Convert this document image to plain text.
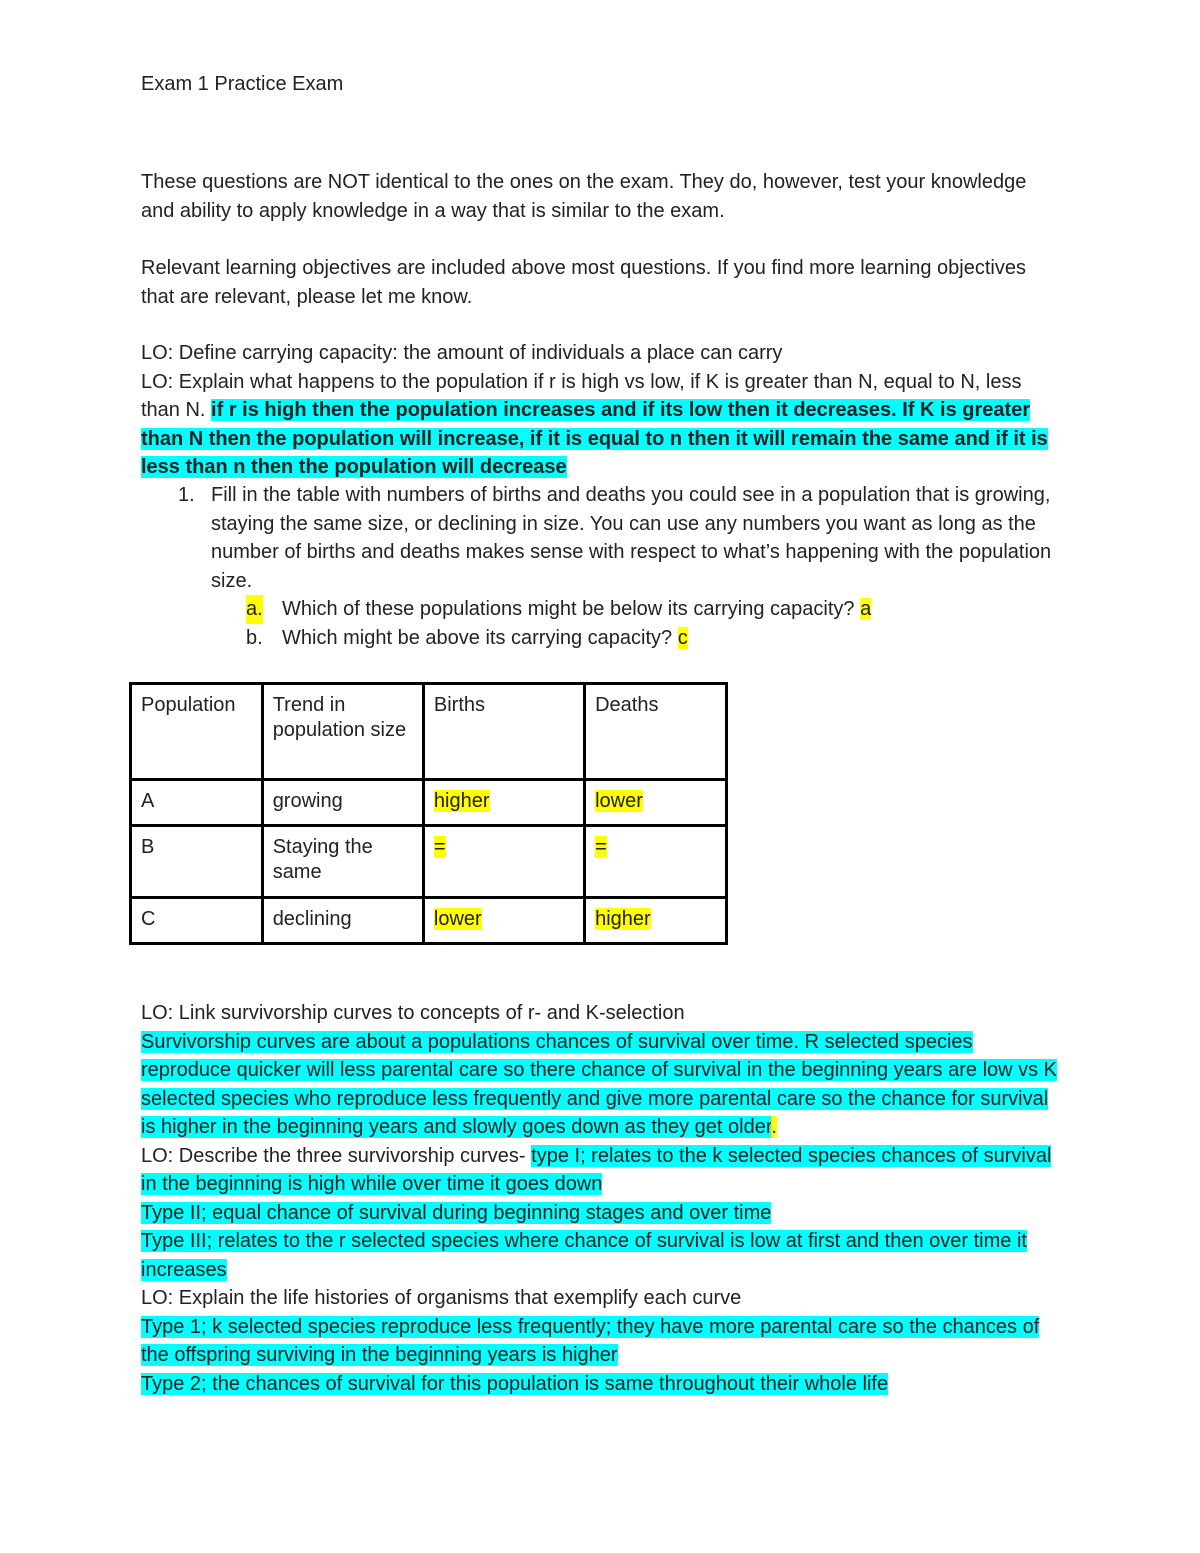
Exam 1 Practice Exam

These questions are NOT identical to the ones on the exam. They do, however, test your knowledge and ability to apply knowledge in a way that is similar to the exam.

Relevant learning objectives are included above most questions. If you find more learning objectives that are relevant, please let me know.

LO: Define carrying capacity: the amount of individuals a place can carry
LO: Explain what happens to the population if r is high vs low, if K is greater than N, equal to N, less than N. if r is high then the population increases and if its low then it decreases. If K is greater than N then the population will increase, if it is equal to n then it will remain the same and if it is less than n then the population will decrease
1. Fill in the table with numbers of births and deaths you could see in a population that is growing, staying the same size, or declining in size. You can use any numbers you want as long as the number of births and deaths makes sense with respect to what’s happening with the population size.
a. Which of these populations might be below its carrying capacity? a
b. Which might be above its carrying capacity? c
Population	Trend in population size	Births	Deaths
A	growing	higher	lower
B	Staying the same	=	=
C	declining	lower	higher
LO: Link survivorship curves to concepts of r- and K-selection
Survivorship curves are about a populations chances of survival over time. R selected species reproduce quicker will less parental care so there chance of survival in the beginning years are low vs K selected species who reproduce less frequently and give more parental care so the chance for survival is higher in the beginning years and slowly goes down as they get older.
LO: Describe the three survivorship curves- type I; relates to the k selected species chances of survival in the beginning is high while over time it goes down
Type II; equal chance of survival during beginning stages and over time
Type III; relates to the r selected species where chance of survival is low at first and then over time it increases
LO: Explain the life histories of organisms that exemplify each curve
Type 1; k selected species reproduce less frequently; they have more parental care so the chances of the offspring surviving in the beginning years is higher
Type 2; the chances of survival for this population is same throughout their whole life
